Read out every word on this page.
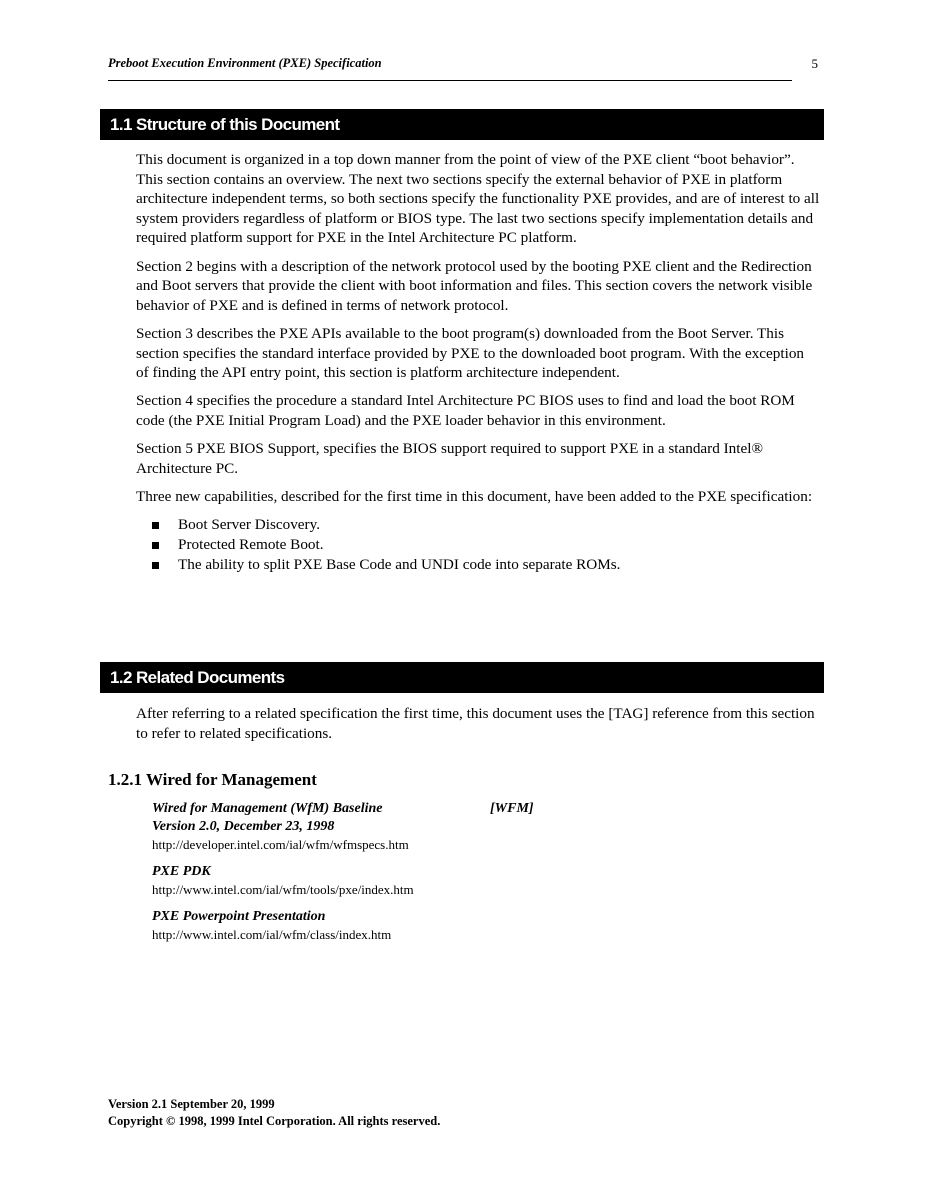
Preboot Execution Environment (PXE) Specification	5
1.1 Structure of this Document

This document is organized in a top down manner from the point of view of the PXE client “boot behavior”. This section contains an overview. The next two sections specify the external behavior of PXE in platform architecture independent terms, so both sections specify the functionality PXE provides, and are of interest to all system providers regardless of platform or BIOS type. The last two sections specify implementation details and required platform support for PXE in the Intel Architecture PC platform.

Section 2 begins with a description of the network protocol used by the booting PXE client and the Redirection and Boot servers that provide the client with boot information and files. This section covers the network visible behavior of PXE and is defined in terms of network protocol.

Section 3 describes the PXE APIs available to the boot program(s) downloaded from the Boot Server. This section specifies the standard interface provided by PXE to the downloaded boot program. With the exception of finding the API entry point, this section is platform architecture independent.

Section 4 specifies the procedure a standard Intel Architecture PC BIOS uses to find and load the boot ROM code (the PXE Initial Program Load) and the PXE loader behavior in this environment.

Section 5 PXE BIOS Support, specifies the BIOS support required to support PXE in a standard Intel® Architecture PC.

Three new capabilities, described for the first time in this document, have been added to the PXE specification:

Boot Server Discovery.
Protected Remote Boot.
The ability to split PXE Base Code and UNDI code into separate ROMs.
1.2 Related Documents

After referring to a related specification the first time, this document uses the [TAG] reference from this section to refer to related specifications.

1.2.1 Wired for Management
Wired for Management (WfM) Baseline	[WFM]
Version 2.0, December 23, 1998
http://developer.intel.com/ial/wfm/wfmspecs.htm
PXE PDK
http://www.intel.com/ial/wfm/tools/pxe/index.htm
PXE Powerpoint Presentation
http://www.intel.com/ial/wfm/class/index.htm
Version 2.1 September 20, 1999
Copyright © 1998, 1999 Intel Corporation. All rights reserved.
